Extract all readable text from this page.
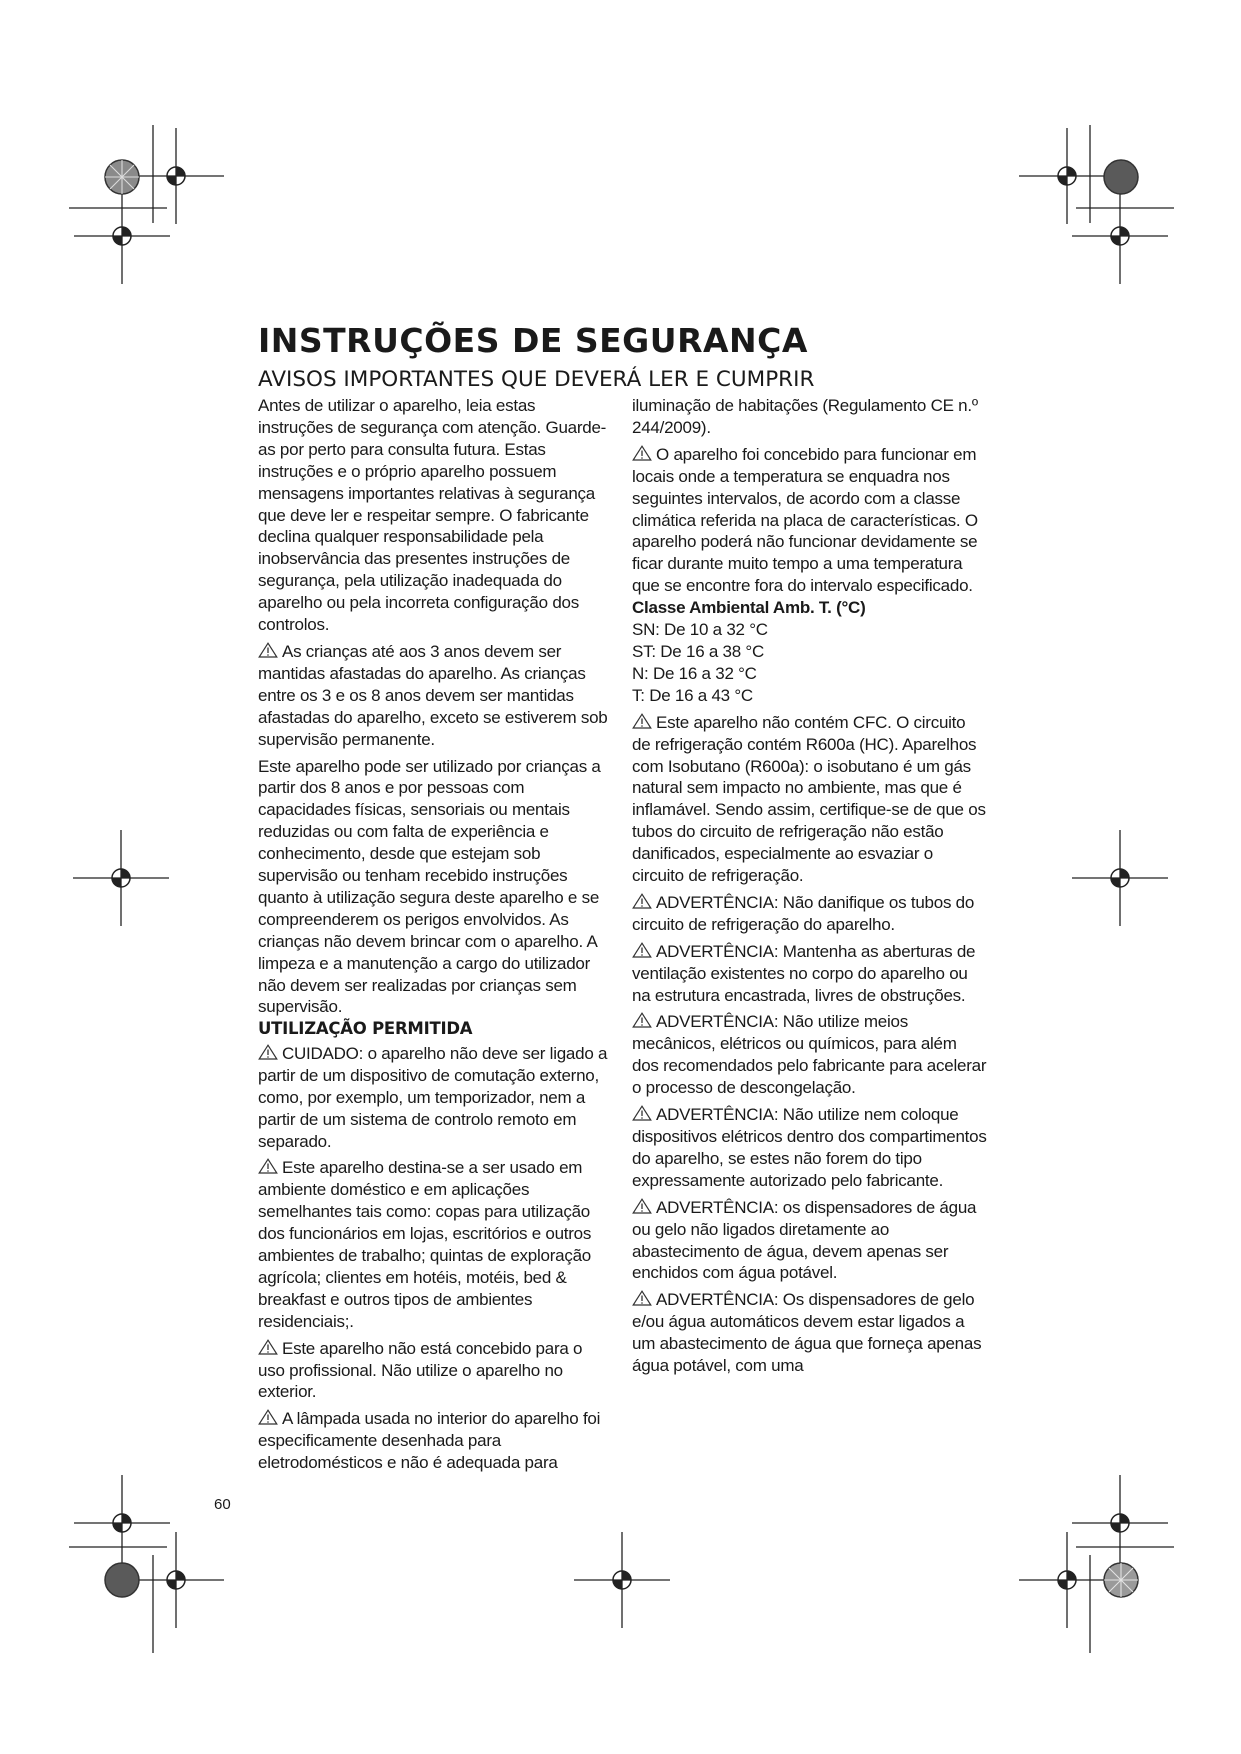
INSTRUÇÕES DE SEGURANÇA
AVISOS IMPORTANTES QUE DEVERÁ LER E CUMPRIR

Antes de utilizar o aparelho, leia estas instruções de segurança com atenção. Guarde-as por perto para consulta futura. Estas instruções e o próprio aparelho possuem mensagens importantes relativas à segurança que deve ler e respeitar sempre. O fabricante declina qualquer responsabilidade pela inobservância das presentes instruções de segurança, pela utilização inadequada do aparelho ou pela incorreta configuração dos controlos.

As crianças até aos 3 anos devem ser mantidas afastadas do aparelho. As crianças entre os 3 e os 8 anos devem ser mantidas afastadas do aparelho, exceto se estiverem sob supervisão permanente.

Este aparelho pode ser utilizado por crianças a partir dos 8 anos e por pessoas com capacidades físicas, sensoriais ou mentais reduzidas ou com falta de experiência e conhecimento, desde que estejam sob supervisão ou tenham recebido instruções quanto à utilização segura deste aparelho e se compreenderem os perigos envolvidos. As crianças não devem brincar com o aparelho. A limpeza e a manutenção a cargo do utilizador não devem ser realizadas por crianças sem supervisão.

UTILIZAÇÃO PERMITIDA

CUIDADO: o aparelho não deve ser ligado a partir de um dispositivo de comutação externo, como, por exemplo, um temporizador, nem a partir de um sistema de controlo remoto em separado.

Este aparelho destina-se a ser usado em ambiente doméstico e em aplicações semelhantes tais como: copas para utilização dos funcionários em lojas, escritórios e outros ambientes de trabalho; quintas de exploração agrícola; clientes em hotéis, motéis, bed & breakfast e outros tipos de ambientes residenciais;.

Este aparelho não está concebido para o uso profissional. Não utilize o aparelho no exterior.

A lâmpada usada no interior do aparelho foi especificamente desenhada para eletrodomésticos e não é adequada para

iluminação de habitações (Regulamento CE n.º 244/2009).

O aparelho foi concebido para funcionar em locais onde a temperatura se enquadra nos seguintes intervalos, de acordo com a classe climática referida na placa de características. O aparelho poderá não funcionar devidamente se ficar durante muito tempo a uma temperatura que se encontre fora do intervalo especificado.

Classe Ambiental Amb. T. (°C)
SN: De 10 a 32 °C
ST: De 16 a 38 °C
N: De 16 a 32 °C
T: De 16 a 43 °C

Este aparelho não contém CFC. O circuito de refrigeração contém R600a (HC). Aparelhos com Isobutano (R600a): o isobutano é um gás natural sem impacto no ambiente, mas que é inflamável. Sendo assim, certifique-se de que os tubos do circuito de refrigeração não estão danificados, especialmente ao esvaziar o circuito de refrigeração.

ADVERTÊNCIA: Não danifique os tubos do circuito de refrigeração do aparelho.

ADVERTÊNCIA: Mantenha as aberturas de ventilação existentes no corpo do aparelho ou na estrutura encastrada, livres de obstruções.

ADVERTÊNCIA: Não utilize meios mecânicos, elétricos ou químicos, para além dos recomendados pelo fabricante para acelerar o processo de descongelação.

ADVERTÊNCIA: Não utilize nem coloque dispositivos elétricos dentro dos compartimentos do aparelho, se estes não forem do tipo expressamente autorizado pelo fabricante.

ADVERTÊNCIA: os dispensadores de água ou gelo não ligados diretamente ao abastecimento de água, devem apenas ser enchidos com água potável.

ADVERTÊNCIA: Os dispensadores de gelo e/ou água automáticos devem estar ligados a um abastecimento de água que forneça apenas água potável, com uma

60
